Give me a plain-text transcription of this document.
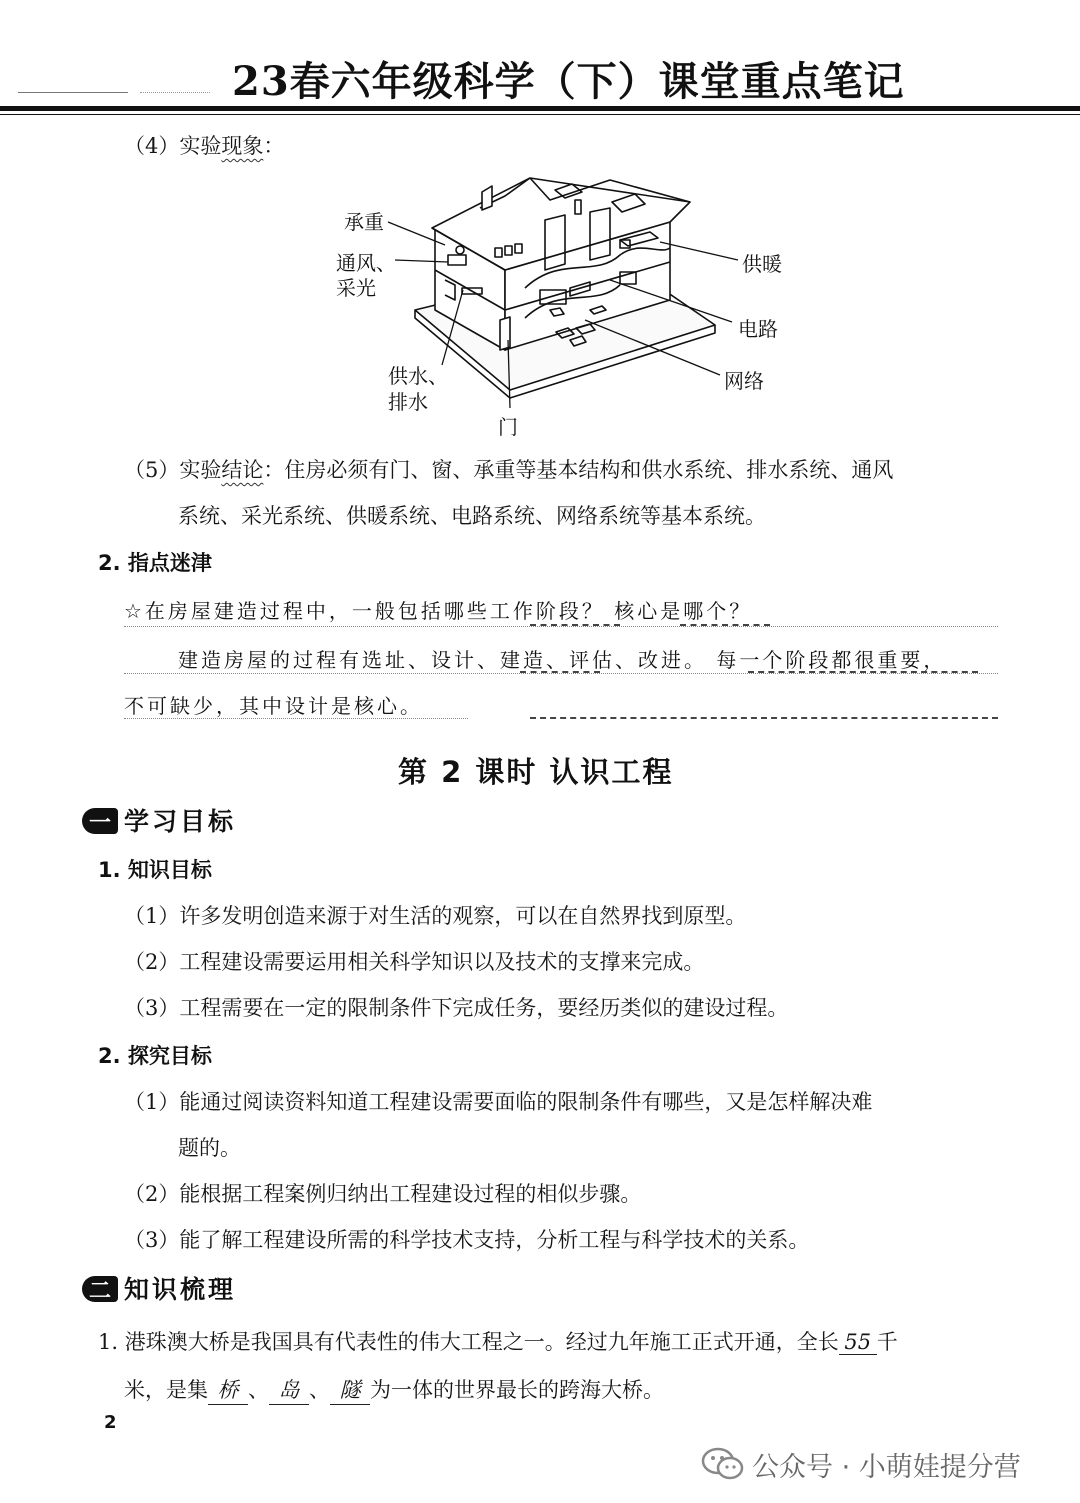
23春六年级科学（下）课堂重点笔记
（4）实验现象：
承重
通风、
采光
供暖
电路
网络
供水、
排水
门
（5）实验结论：住房必须有门、窗、承重等基本结构和供水系统、排水系统、通风
系统、采光系统、供暖系统、电路系统、网络系统等基本系统。
2. 指点迷津
☆在房屋建造过程中，一般包括哪些工作阶段？ 核心是哪个？
建造房屋的过程有选址、设计、建造、评估、改进。 每一个阶段都很重要，
不可缺少，其中设计是核心。
第 2 课时 认识工程
一 学习目标
1. 知识目标
（1）许多发明创造来源于对生活的观察，可以在自然界找到原型。
（2）工程建设需要运用相关科学知识以及技术的支撑来完成。
（3）工程需要在一定的限制条件下完成任务，要经历类似的建设过程。
2. 探究目标
（1）能通过阅读资料知道工程建设需要面临的限制条件有哪些，又是怎样解决难
题的。
（2）能根据工程案例归纳出工程建设过程的相似步骤。
（3）能了解工程建设所需的科学技术支持，分析工程与科学技术的关系。
二 知识梳理
1. 港珠澳大桥是我国具有代表性的伟大工程之一。经过九年施工正式开通，全长 55 千
米，是集 桥 、 岛 、 隧 为一体的世界最长的跨海大桥。
2
公众号 · 小萌娃提分营
